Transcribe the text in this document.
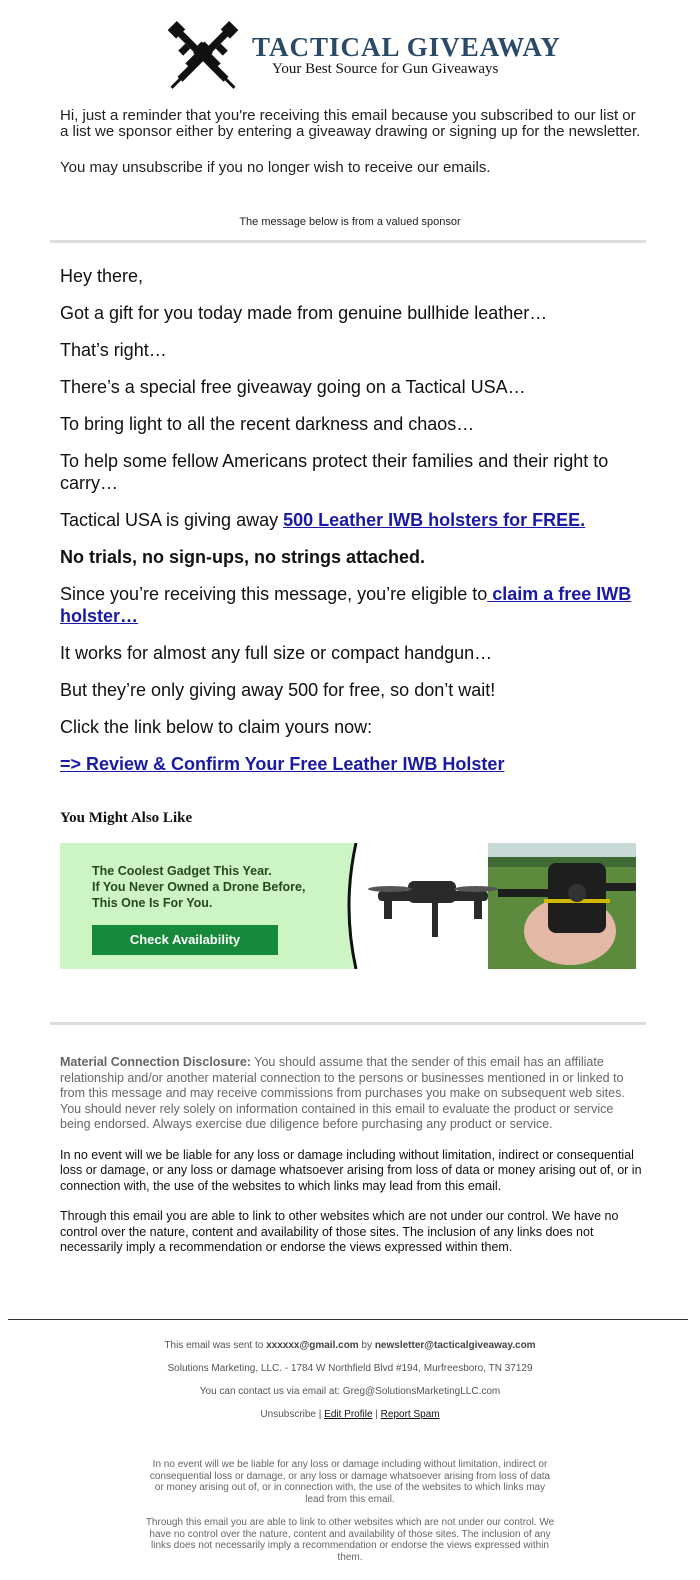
TACTICAL GIVEAWAY
Your Best Source for Gun Giveaways

Hi, just a reminder that you're receiving this email because you subscribed to our list or a list we sponsor either by entering a giveaway drawing or signing up for the newsletter.

You may unsubscribe if you no longer wish to receive our emails.

The message below is from a valued sponsor

Hey there,

Got a gift for you today made from genuine bullhide leather…

That’s right…

There’s a special free giveaway going on a Tactical USA…

To bring light to all the recent darkness and chaos…

To help some fellow Americans protect their families and their right to carry…

Tactical USA is giving away 500 Leather IWB holsters for FREE.

No trials, no sign-ups, no strings attached.

Since you’re receiving this message, you’re eligible to claim a free IWB holster…

It works for almost any full size or compact handgun…

But they’re only giving away 500 for free, so don’t wait!

Click the link below to claim yours now:

=> Review & Confirm Your Free Leather IWB Holster

You Might Also Like
The Coolest Gadget This Year.
If You Never Owned a Drone Before,
This One Is For You.
Check Availability

Material Connection Disclosure: You should assume that the sender of this email has an affiliate relationship and/or another material connection to the persons or businesses mentioned in or linked to from this message and may receive commissions from purchases you make on subsequent web sites. You should never rely solely on information contained in this email to evaluate the product or service being endorsed. Always exercise due diligence before purchasing any product or service.

In no event will we be liable for any loss or damage including without limitation, indirect or consequential loss or damage, or any loss or damage whatsoever arising from loss of data or money arising out of, or in connection with, the use of the websites to which links may lead from this email.

Through this email you are able to link to other websites which are not under our control. We have no control over the nature, content and availability of those sites. The inclusion of any links does not necessarily imply a recommendation or endorse the views expressed within them.

This email was sent to xxxxxx@gmail.com by newsletter@tacticalgiveaway.com
Solutions Marketing, LLC. - 1784 W Northfield Blvd #194, Murfreesboro, TN 37129
You can contact us via email at: Greg@SolutionsMarketingLLC.com
Unsubscribe | Edit Profile | Report Spam

In no event will we be liable for any loss or damage including without limitation, indirect or consequential loss or damage, or any loss or damage whatsoever arising from loss of data or money arising out of, or in connection with, the use of the websites to which links may lead from this email.

Through this email you are able to link to other websites which are not under our control. We have no control over the nature, content and availability of those sites. The inclusion of any links does not necessarily imply a recommendation or endorse the views expressed within them.
